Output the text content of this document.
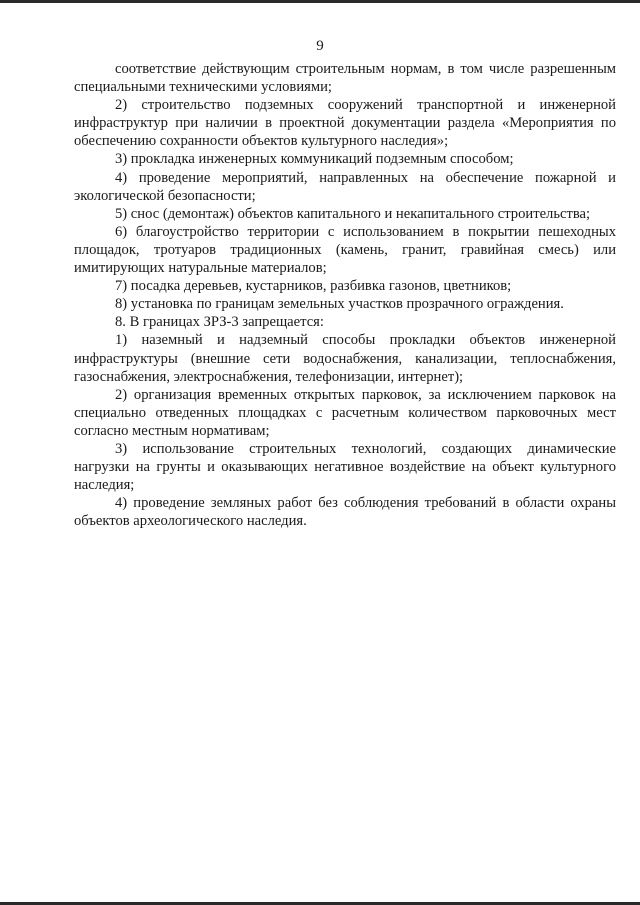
9

соответствие действующим строительным нормам, в том числе разрешенным специальными техническими условиями;

2) строительство подземных сооружений транспортной и инженерной инфраструктур при наличии в проектной документации раздела «Мероприятия по обеспечению сохранности объектов культурного наследия»;

3) прокладка инженерных коммуникаций подземным способом;

4) проведение мероприятий, направленных на обеспечение пожарной и экологической безопасности;

5) снос (демонтаж) объектов капитального и некапитального строительства;

6) благоустройство территории с использованием в покрытии пешеходных площадок, тротуаров традиционных (камень, гранит, гравийная смесь) или имитирующих натуральные материалов;

7) посадка деревьев, кустарников, разбивка газонов, цветников;

8) установка по границам земельных участков прозрачного ограждения.

8. В границах ЗРЗ-3 запрещается:

1) наземный и надземный способы прокладки объектов инженерной инфраструктуры (внешние сети водоснабжения, канализации, теплоснабжения, газоснабжения, электроснабжения, телефонизации, интернет);

2) организация временных открытых парковок, за исключением парковок на специально отведенных площадках с расчетным количеством парковочных мест согласно местным нормативам;

3) использование строительных технологий, создающих динамические нагрузки на грунты и оказывающих негативное воздействие на объект культурного наследия;

4) проведение земляных работ без соблюдения требований в области охраны объектов археологического наследия.
